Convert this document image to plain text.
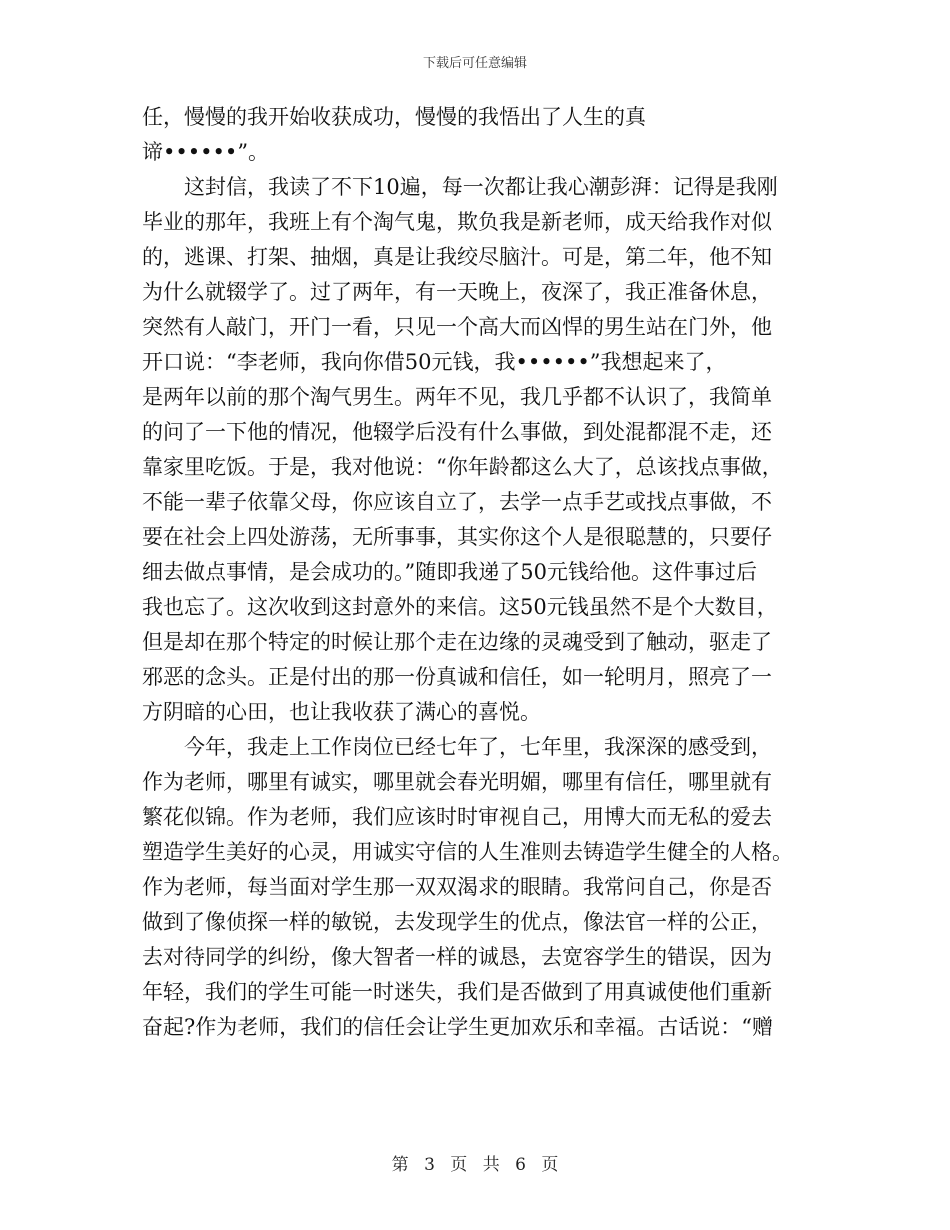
下载后可任意编辑
任，慢慢的我开始收获成功，慢慢的我悟出了人生的真
谛••••••”。
　　这封信，我读了不下10遍，每一次都让我心潮彭湃：记得是我刚
毕业的那年，我班上有个淘气鬼，欺负我是新老师，成天给我作对似
的，逃课、打架、抽烟，真是让我绞尽脑汁。可是，第二年，他不知
为什么就辍学了。过了两年，有一天晚上，夜深了，我正准备休息，
突然有人敲门，开门一看，只见一个高大而凶悍的男生站在门外，他
开口说：“李老师，我向你借50元钱，我••••••”我想起来了，
是两年以前的那个淘气男生。两年不见，我几乎都不认识了，我简单
的问了一下他的情况，他辍学后没有什么事做，到处混都混不走，还
靠家里吃饭。于是，我对他说：“你年龄都这么大了，总该找点事做，
不能一辈子依靠父母，你应该自立了，去学一点手艺或找点事做，不
要在社会上四处游荡，无所事事，其实你这个人是很聪慧的，只要仔
细去做点事情，是会成功的。”随即我递了50元钱给他。这件事过后
我也忘了。这次收到这封意外的来信。这50元钱虽然不是个大数目，
但是却在那个特定的时候让那个走在边缘的灵魂受到了触动，驱走了
邪恶的念头。正是付出的那一份真诚和信任，如一轮明月，照亮了一
方阴暗的心田，也让我收获了满心的喜悦。
　　今年，我走上工作岗位已经七年了，七年里，我深深的感受到，
作为老师，哪里有诚实，哪里就会春光明媚，哪里有信任，哪里就有
繁花似锦。作为老师，我们应该时时审视自己，用博大而无私的爱去
塑造学生美好的心灵，用诚实守信的人生准则去铸造学生健全的人格。
作为老师，每当面对学生那一双双渴求的眼睛。我常问自己，你是否
做到了像侦探一样的敏锐，去发现学生的优点，像法官一样的公正，
去对待同学的纠纷，像大智者一样的诚恳，去宽容学生的错误，因为
年轻，我们的学生可能一时迷失，我们是否做到了用真诚使他们重新
奋起?作为老师，我们的信任会让学生更加欢乐和幸福。古话说：“赠
第 3 页 共 6 页
